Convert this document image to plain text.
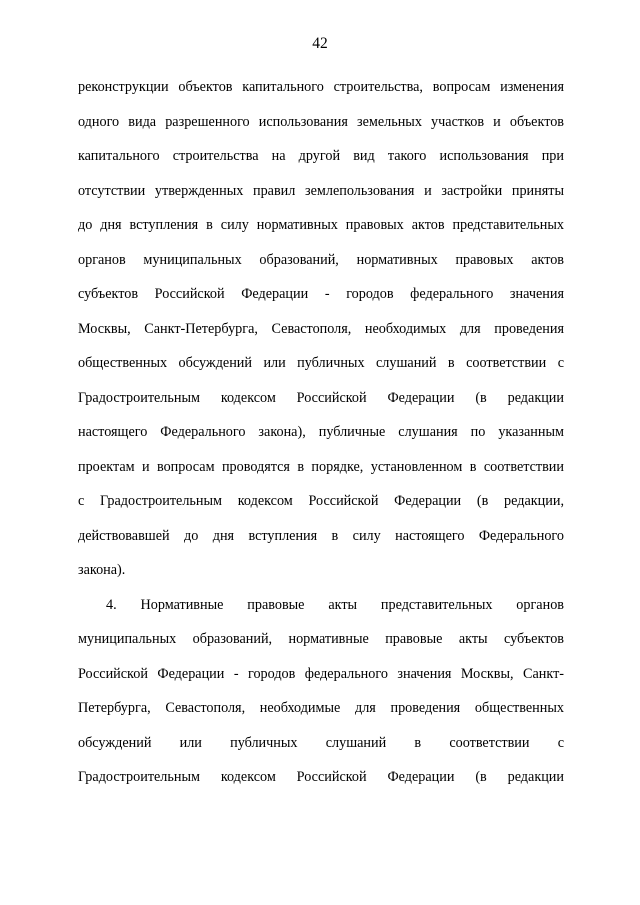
42
реконструкции объектов капитального строительства, вопросам изменения
одного вида разрешенного использования земельных участков и объектов
капитального строительства на другой вид такого использования при
отсутствии утвержденных правил землепользования и застройки приняты
до дня вступления в силу нормативных правовых актов представительных
органов муниципальных образований, нормативных правовых актов
субъектов Российской Федерации - городов федерального значения
Москвы, Санкт-Петербурга, Севастополя, необходимых для проведения
общественных обсуждений или публичных слушаний в соответствии с
Градостроительным кодексом Российской Федерации (в редакции
настоящего Федерального закона), публичные слушания по указанным
проектам и вопросам проводятся в порядке, установленном в соответствии
с Градостроительным кодексом Российской Федерации (в редакции,
действовавшей до дня вступления в силу настоящего Федерального
закона).
4. Нормативные правовые акты представительных органов
муниципальных образований, нормативные правовые акты субъектов
Российской Федерации - городов федерального значения Москвы, Санкт-
Петербурга, Севастополя, необходимые для проведения общественных
обсуждений или публичных слушаний в соответствии с
Градостроительным кодексом Российской Федерации (в редакции
